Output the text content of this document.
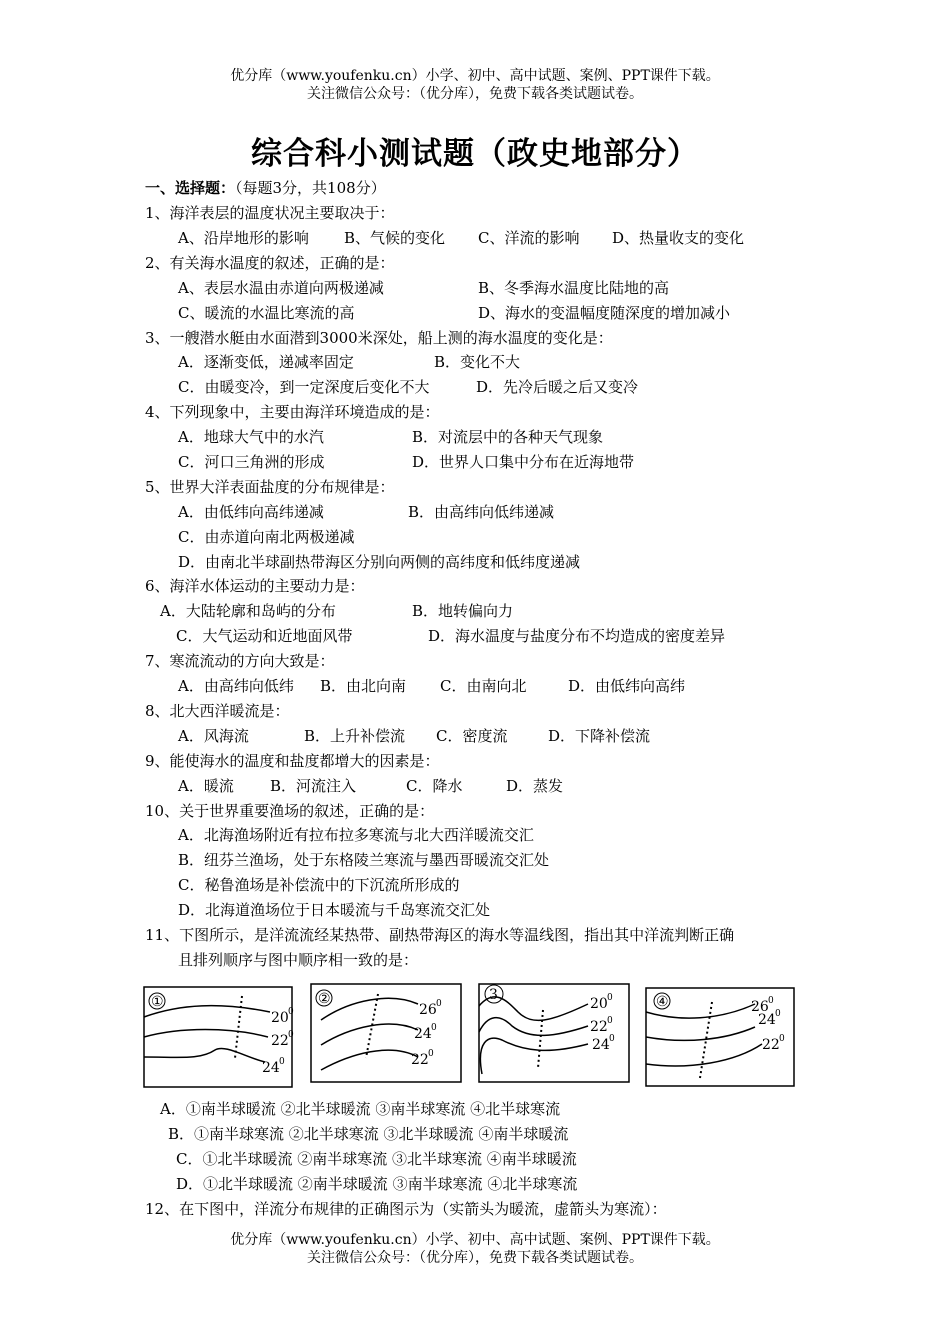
优分库（www.youfenku.cn）小学、初中、高中试题、案例、PPT课件下载。
关注微信公众号：（优分库），免费下载各类试题试卷。
综合科小测试题（政史地部分）
一、选择题：（每题3分，共108分）
1、海洋表层的温度状况主要取决于：
A、沿岸地形的影响 B、气候的变化 C、洋流的影响 D、热量收支的变化
2、有关海水温度的叙述，正确的是：
A、表层水温由赤道向两极递减	B、冬季海水温度比陆地的高
C、暖流的水温比寒流的高	D、海水的变温幅度随深度的增加减小
3、一艘潜水艇由水面潜到3000米深处，船上测的海水温度的变化是：
A．逐渐变低，递减率固定	B．变化不大
C．由暖变冷，到一定深度后变化不大	D．先冷后暖之后又变冷
4、下列现象中，主要由海洋环境造成的是：
A．地球大气中的水汽	B．对流层中的各种天气现象
C．河口三角洲的形成	D．世界人口集中分布在近海地带
5、世界大洋表面盐度的分布规律是：
A．由低纬向高纬递减	B．由高纬向低纬递减
C．由赤道向南北两极递减
D．由南北半球副热带海区分别向两侧的高纬度和低纬度递减
6、海洋水体运动的主要动力是：
A．大陆轮廓和岛屿的分布	B．地转偏向力
C．大气运动和近地面风带	D．海水温度与盐度分布不均造成的密度差异
7、寒流流动的方向大致是：
A．由高纬向低纬 B．由北向南 C．由南向北	D．由低纬向高纬
8、北大西洋暖流是：
A．风海流	B．上升补偿流 C．密度流	D．下降补偿流
9、能使海水的温度和盐度都增大的因素是：
A．暖流 B．河流注入	C．降水	D．蒸发
10、关于世界重要渔场的叙述，正确的是：
A．北海渔场附近有拉布拉多寒流与北大西洋暖流交汇
B．纽芬兰渔场，处于东格陵兰寒流与墨西哥暖流交汇处
C．秘鲁渔场是补偿流中的下沉流所形成的
D．北海道渔场位于日本暖流与千岛寒流交汇处
11、下图所示，是洋流流经某热带、副热带海区的海水等温线图，指出其中洋流判断正确
且排列顺序与图中顺序相一致的是：
①
20 0
22 0
24 0
②
26 0
24 0
22 0
3
20 0
22 0
24 0
④	26 0
24 0
22 0
A．①南半球暖流 ②北半球暖流 ③南半球寒流 ④北半球寒流
B．①南半球寒流 ②北半球寒流 ③北半球暖流 ④南半球暖流
C．①北半球暖流 ②南半球寒流 ③北半球寒流 ④南半球暖流
D．①北半球暖流 ②南半球暖流 ③南半球寒流 ④北半球寒流
12、在下图中，洋流分布规律的正确图示为（实箭头为暖流，虚箭头为寒流）：
优分库（www.youfenku.cn）小学、初中、高中试题、案例、PPT课件下载。
关注微信公众号：（优分库），免费下载各类试题试卷。
